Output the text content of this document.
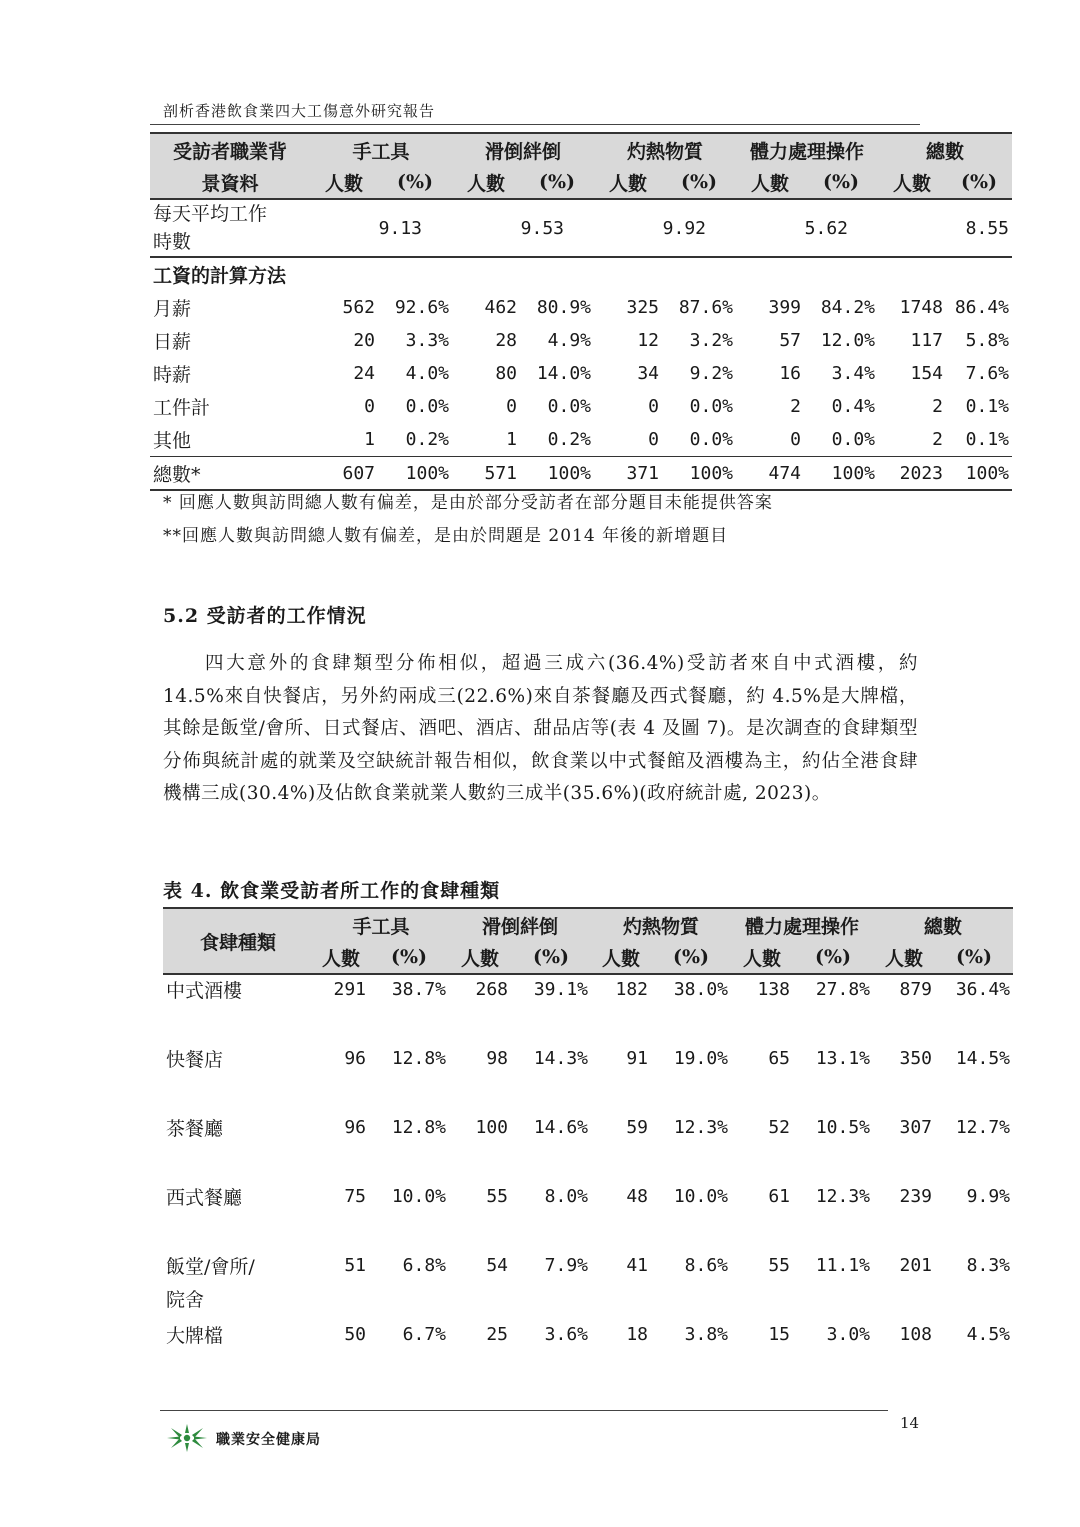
剖析香港飲食業四大工傷意外研究報告
受訪者職業背	手工具		滑倒絆倒		灼熱物質		體力處理操作		總數	
景資料	人數	(%)	人數	(%)	人數	(%)	人數	(%)	人數	(%)
每天平均工作
時數	9.13		9.53		9.92		5.62		8.55	
工資的計算方法										
月薪	562	92.6%	462	80.9%	325	87.6%	399	84.2%	1748	86.4%
日薪	20	3.3%	28	4.9%	12	3.2%	57	12.0%	117	5.8%
時薪	24	4.0%	80	14.0%	34	9.2%	16	3.4%	154	7.6%
工件計	0	0.0%	0	0.0%	0	0.0%	2	0.4%	2	0.1%
其他	1	0.2%	1	0.2%	0	0.0%	0	0.0%	2	0.1%
總數*	607	100%	571	100%	371	100%	474	100%	2023	100%
* 回應人數與訪問總人數有偏差，是由於部分受訪者在部分題目未能提供答案
**回應人數與訪問總人數有偏差，是由於問題是 2014 年後的新增題目
5.2 受訪者的工作情況

四大意外的食肆類型分佈相似，超過三成六(36.4%)受訪者來自中式酒樓，約 14.5%來自快餐店，另外約兩成三(22.6%)來自茶餐廳及西式餐廳，約 4.5%是大牌檔，其餘是飯堂/會所、日式餐店、酒吧、酒店、甜品店等(表 4 及圖 7)。是次調查的食肆類型分佈與統計處的就業及空缺統計報告相似，飲食業以中式餐館及酒樓為主，約佔全港食肆機構三成(30.4%)及佔飲食業就業人數約三成半(35.6%)(政府統計處, 2023)。

表 4. 飲食業受訪者所工作的食肆種類
食肆種類	手工具		滑倒絆倒		灼熱物質		體力處理操作		總數	
	人數	(%)	人數	(%)	人數	(%)	人數	(%)	人數	(%)
中式酒樓	291	38.7%	268	39.1%	182	38.0%	138	27.8%	879	36.4%
快餐店	96	12.8%	98	14.3%	91	19.0%	65	13.1%	350	14.5%
茶餐廳	96	12.8%	100	14.6%	59	12.3%	52	10.5%	307	12.7%
西式餐廳	75	10.0%	55	8.0%	48	10.0%	61	12.3%	239	9.9%
飯堂/會所/
院舍	51	6.8%	54	7.9%	41	8.6%	55	11.1%	201	8.3%
大牌檔	50	6.7%	25	3.6%	18	3.8%	15	3.0%	108	4.5%
14
職業安全健康局
